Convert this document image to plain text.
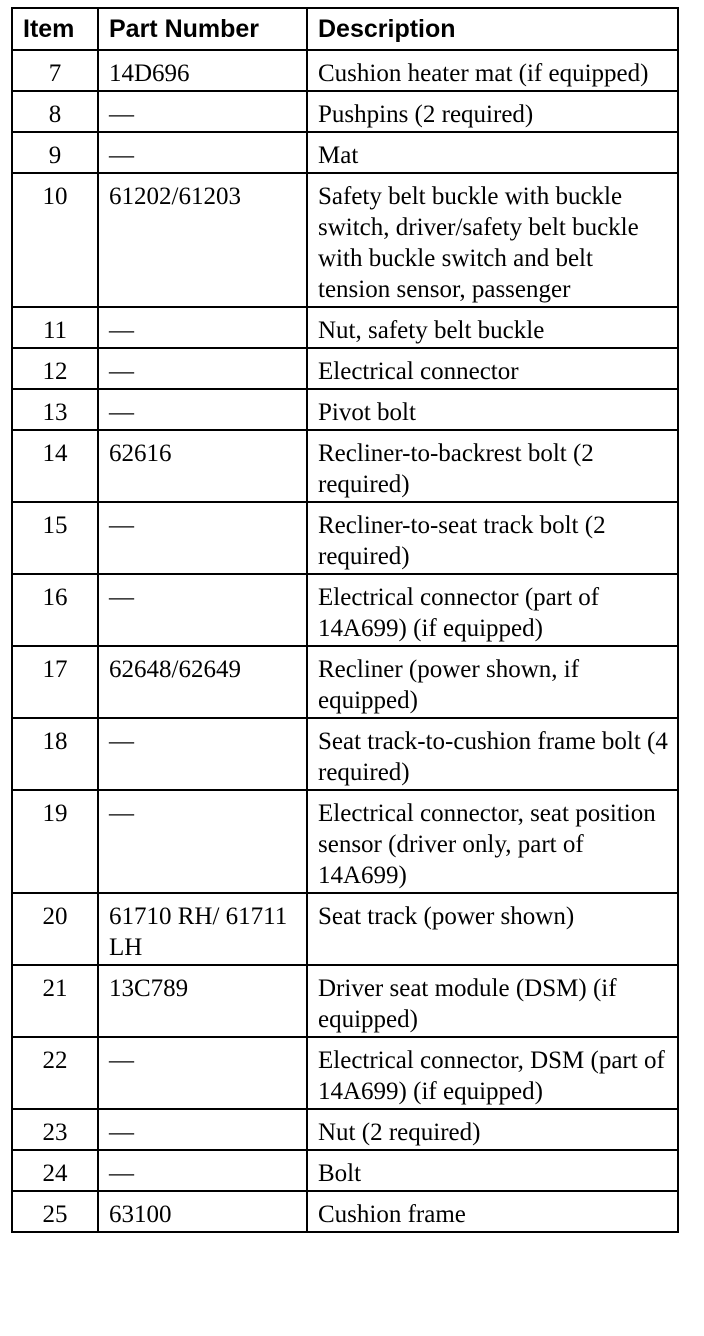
Item	Part Number	Description
7	14D696	Cushion heater mat (if equipped)
8	—	Pushpins (2 required)
9	—	Mat
10	61202/61203	Safety belt buckle with buckle switch, driver/safety belt buckle with buckle switch and belt tension sensor, passenger
11	—	Nut, safety belt buckle
12	—	Electrical connector
13	—	Pivot bolt
14	62616	Recliner-to-backrest bolt (2 required)
15	—	Recliner-to-seat track bolt (2 required)
16	—	Electrical connector (part of 14A699) (if equipped)
17	62648/62649	Recliner (power shown, if equipped)
18	—	Seat track-to-cushion frame bolt (4 required)
19	—	Electrical connector, seat position sensor (driver only, part of 14A699)
20	61710 RH/ 61711 LH	Seat track (power shown)
21	13C789	Driver seat module (DSM) (if equipped)
22	—	Electrical connector, DSM (part of 14A699) (if equipped)
23	—	Nut (2 required)
24	—	Bolt
25	63100	Cushion frame
